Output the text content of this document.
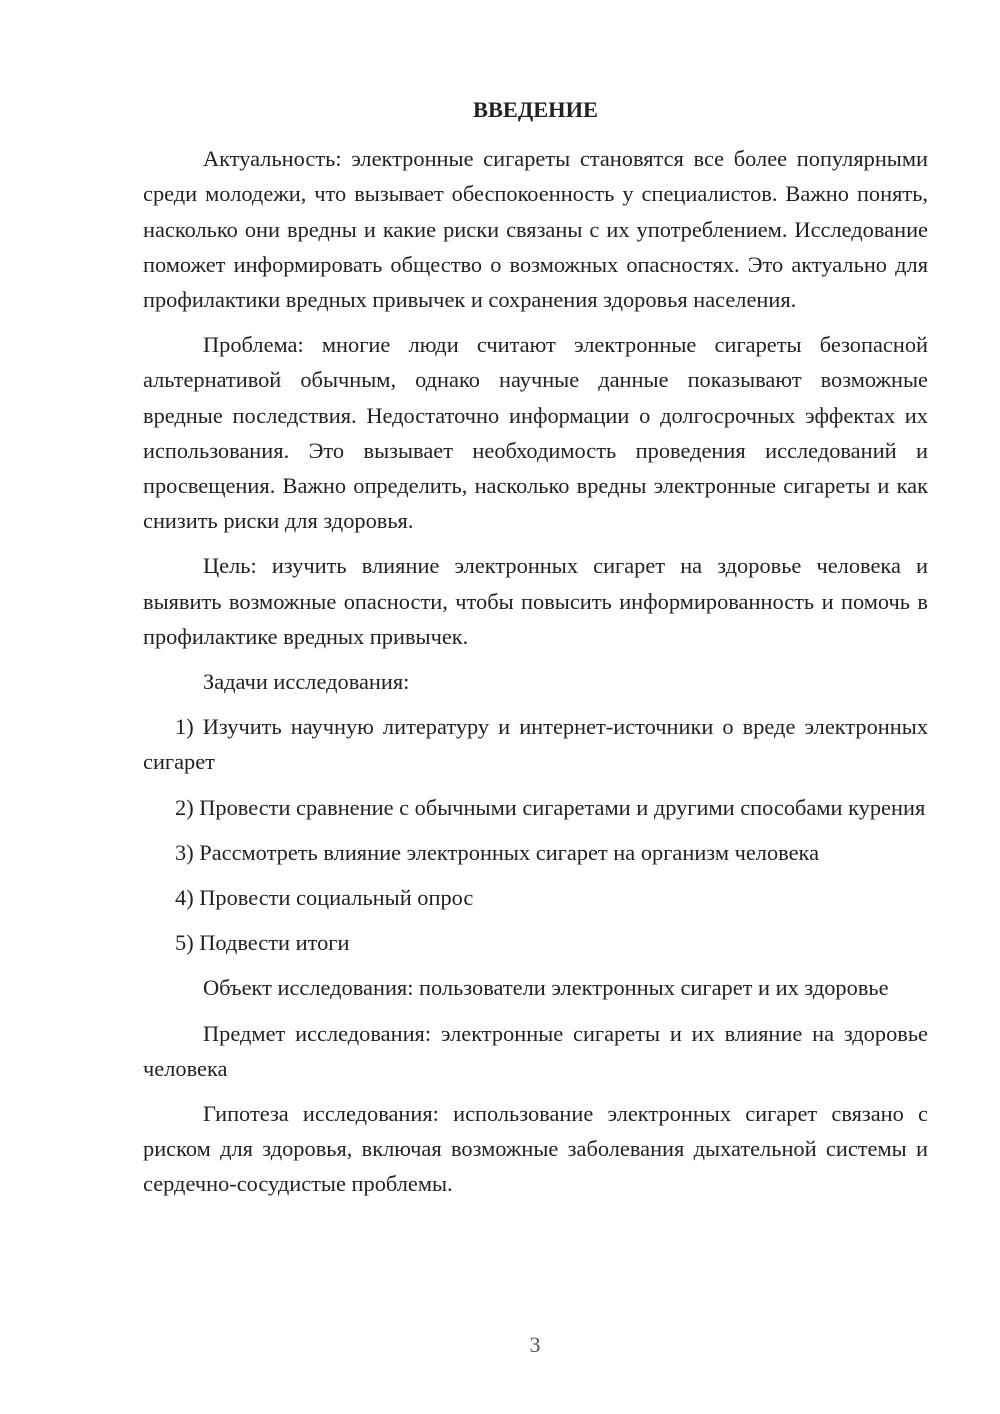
ВВЕДЕНИЕ

Актуальность: электронные сигареты становятся все более популярными среди молодежи, что вызывает обеспокоенность у специалистов. Важно понять, насколько они вредны и какие риски связаны с их употреблением. Исследование поможет информировать общество о возможных опасностях. Это актуально для профилактики вредных привычек и сохранения здоровья населения.

Проблема: многие люди считают электронные сигареты безопасной альтернативой обычным, однако научные данные показывают возможные вредные последствия. Недостаточно информации о долгосрочных эффектах их использования. Это вызывает необходимость проведения исследований и просвещения. Важно определить, насколько вредны электронные сигареты и как снизить риски для здоровья.

Цель: изучить влияние электронных сигарет на здоровье человека и выявить возможные опасности, чтобы повысить информированность и помочь в профилактике вредных привычек.

Задачи исследования:

1) Изучить научную литературу и интернет-источники о вреде электронных сигарет

2) Провести сравнение с обычными сигаретами и другими способами курения

3) Рассмотреть влияние электронных сигарет на организм человека

4) Провести социальный опрос

5) Подвести итоги

Объект исследования: пользователи электронных сигарет и их здоровье

Предмет исследования: электронные сигареты и их влияние на здоровье человека

Гипотеза исследования: использование электронных сигарет связано с риском для здоровья, включая возможные заболевания дыхательной системы и сердечно-сосудистые проблемы.

3
